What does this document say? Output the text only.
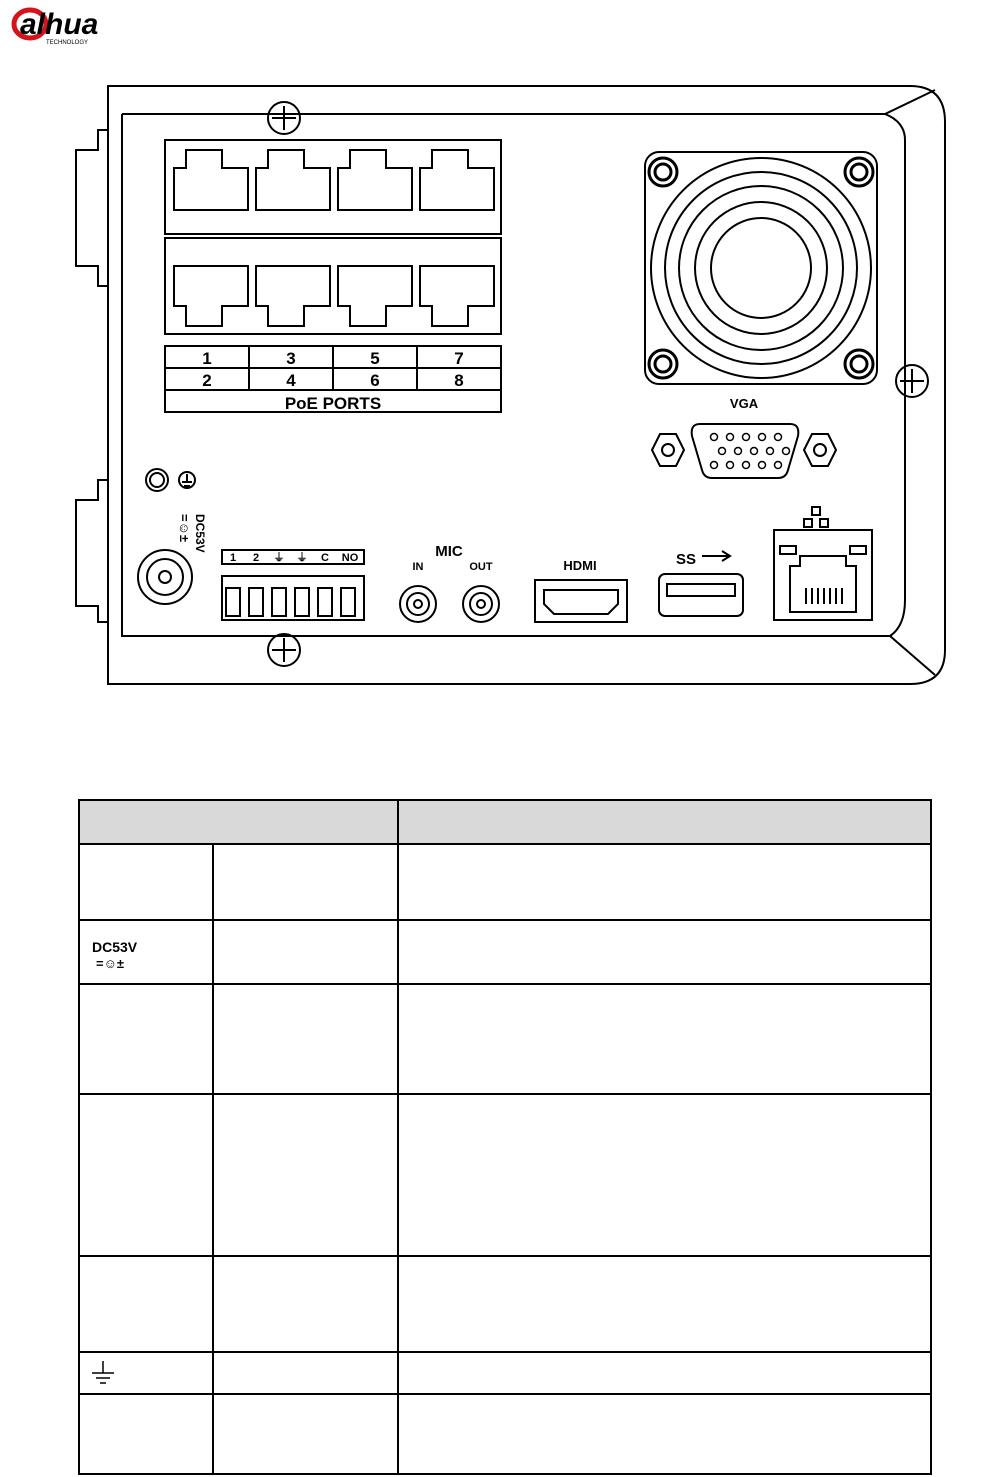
alhua
TECHNOLOGY
1	3	5	7
2	4	6	8
PoE PORTS	VGA
DC53V
=☺±
1 2 ⏚ ⏚ C NO	MIC
IN	OUT	HDMI	SS

DC53V
=☺±		
